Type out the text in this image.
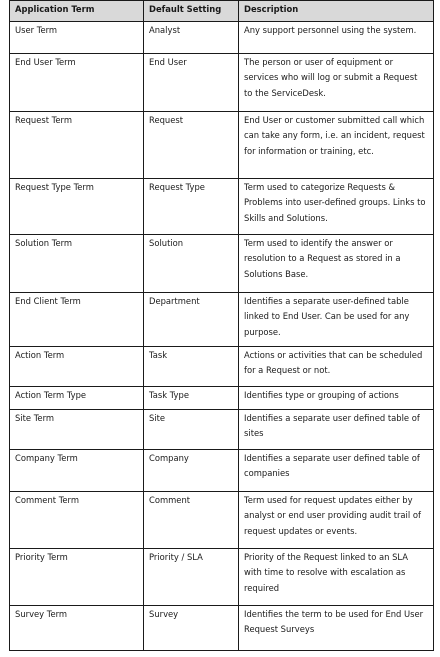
Application Term	Default Setting	Description
User Term	Analyst	Any support personnel using the system.
End User Term	End User	The person or user of equipment or services who will log or submit a Request to the ServiceDesk.
Request Term	Request	End User or customer submitted call which can take any form, i.e. an incident, request for information or training, etc.
Request Type Term	Request Type	Term used to categorize Requests & Problems into user-defined groups. Links to Skills and Solutions.
Solution Term	Solution	Term used to identify the answer or resolution to a Request as stored in a Solutions Base.
End Client Term	Department	Identifies a separate user-defined table linked to End User. Can be used for any purpose.
Action Term	Task	Actions or activities that can be scheduled for a Request or not.
Action Term Type	Task Type	Identifies type or grouping of actions
Site Term	Site	Identifies a separate user defined table of sites
Company Term	Company	Identifies a separate user defined table of companies
Comment Term	Comment	Term used for request updates either by analyst or end user providing audit trail of request updates or events.
Priority Term	Priority / SLA	Priority of the Request linked to an SLA with time to resolve with escalation as required
Survey Term	Survey	Identifies the term to be used for End User Request Surveys
